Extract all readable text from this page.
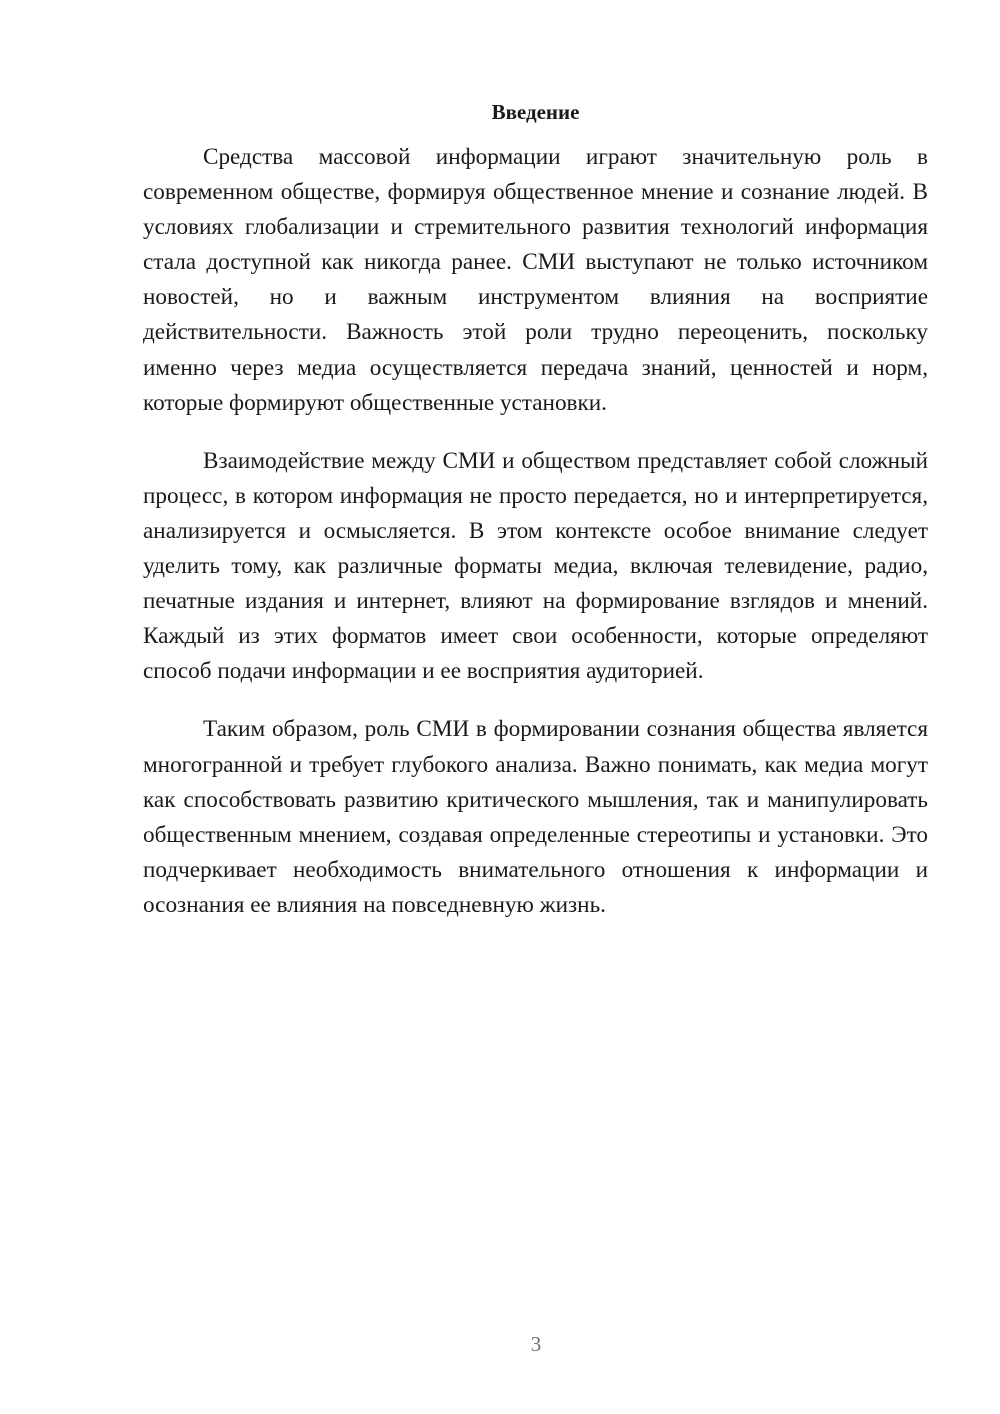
Введение

Средства массовой информации играют значительную роль в современном обществе, формируя общественное мнение и сознание людей. В условиях глобализации и стремительного развития технологий информация стала доступной как никогда ранее. СМИ выступают не только источником новостей, но и важным инструментом влияния на восприятие действительности. Важность этой роли трудно переоценить, поскольку именно через медиа осуществляется передача знаний, ценностей и норм, которые формируют общественные установки.

Взаимодействие между СМИ и обществом представляет собой сложный процесс, в котором информация не просто передается, но и интерпретируется, анализируется и осмысляется. В этом контексте особое внимание следует уделить тому, как различные форматы медиа, включая телевидение, радио, печатные издания и интернет, влияют на формирование взглядов и мнений. Каждый из этих форматов имеет свои особенности, которые определяют способ подачи информации и ее восприятия аудиторией.

Таким образом, роль СМИ в формировании сознания общества является многогранной и требует глубокого анализа. Важно понимать, как медиа могут как способствовать развитию критического мышления, так и манипулировать общественным мнением, создавая определенные стереотипы и установки. Это подчеркивает необходимость внимательного отношения к информации и осознания ее влияния на повседневную жизнь.

3
